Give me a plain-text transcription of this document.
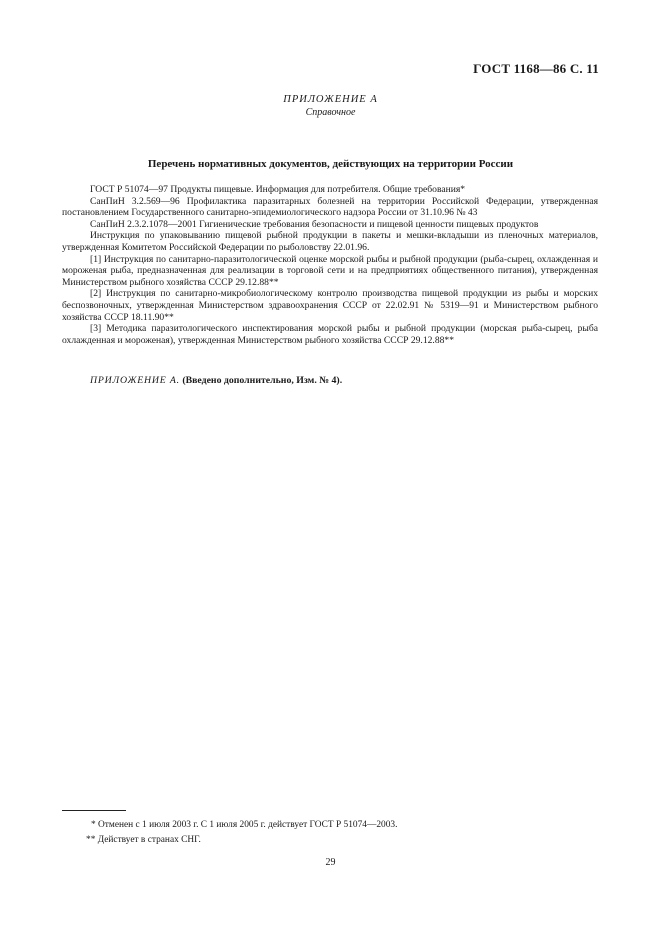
ГОСТ 1168—86 С. 11
ПРИЛОЖЕНИЕ А
Справочное
Перечень нормативных документов, действующих на территории России

ГОСТ Р 51074—97 Продукты пищевые. Информация для потребителя. Общие требования*

СанПиН 3.2.569—96 Профилактика паразитарных болезней на территории Российской Федерации, утвержденная постановлением Государственного санитарно-эпидемиологического надзора России от 31.10.96 № 43

СанПиН 2.3.2.1078—2001 Гигиенические требования безопасности и пищевой ценности пищевых продуктов

Инструкция по упаковыванию пищевой рыбной продукции в пакеты и мешки-вкладыши из пленочных материалов, утвержденная Комитетом Российской Федерации по рыболовству 22.01.96.

[1] Инструкция по санитарно-паразитологической оценке морской рыбы и рыбной продукции (рыба-сырец, охлажденная и мороженая рыба, предназначенная для реализации в торговой сети и на предприятиях общественного питания), утвержденная Министерством рыбного хозяйства СССР 29.12.88**

[2] Инструкция по санитарно-микробиологическому контролю производства пищевой продукции из рыбы и морских беспозвоночных, утвержденная Министерством здравоохранения СССР от 22.02.91 № 5319—91 и Министерством рыбного хозяйства СССР 18.11.90**

[3] Методика паразитологического инспектирования морской рыбы и рыбной продукции (морская рыба-сырец, рыба охлажденная и мороженая), утвержденная Министерством рыбного хозяйства СССР 29.12.88**

ПРИЛОЖЕНИЕ А. (Введено дополнительно, Изм. № 4).
* Отменен с 1 июля 2003 г. С 1 июля 2005 г. действует ГОСТ Р 51074—2003.
** Действует в странах СНГ.
29
